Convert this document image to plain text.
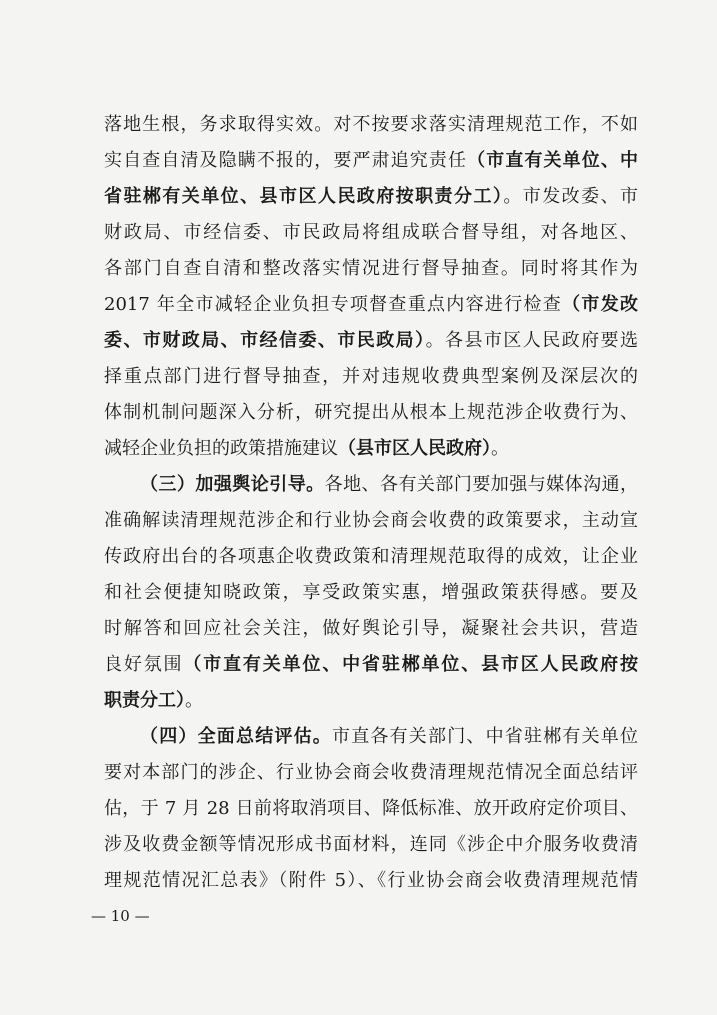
落地生根，务求取得实效。对不按要求落实清理规范工作，不如
实自查自清及隐瞒不报的，要严肃追究责任（市直有关单位、中
省驻郴有关单位、县市区人民政府按职责分工）。市发改委、市
财政局、市经信委、市民政局将组成联合督导组，对各地区、
各部门自查自清和整改落实情况进行督导抽查。同时将其作为
2017 年全市减轻企业负担专项督查重点内容进行检查（市发改
委、市财政局、市经信委、市民政局）。各县市区人民政府要选
择重点部门进行督导抽查，并对违规收费典型案例及深层次的
体制机制问题深入分析，研究提出从根本上规范涉企收费行为、
减轻企业负担的政策措施建议（县市区人民政府）。
（三）加强舆论引导。各地、各有关部门要加强与媒体沟通，
准确解读清理规范涉企和行业协会商会收费的政策要求，主动宣
传政府出台的各项惠企收费政策和清理规范取得的成效，让企业
和社会便捷知晓政策，享受政策实惠，增强政策获得感。要及
时解答和回应社会关注，做好舆论引导，凝聚社会共识，营造
良好氛围（市直有关单位、中省驻郴单位、县市区人民政府按
职责分工）。
（四）全面总结评估。市直各有关部门、中省驻郴有关单位
要对本部门的涉企、行业协会商会收费清理规范情况全面总结评
估，于 7 月 28 日前将取消项目、降低标准、放开政府定价项目、
涉及收费金额等情况形成书面材料，连同《涉企中介服务收费清
理规范情况汇总表》（附件 5）、《行业协会商会收费清理规范情
— 10 —
